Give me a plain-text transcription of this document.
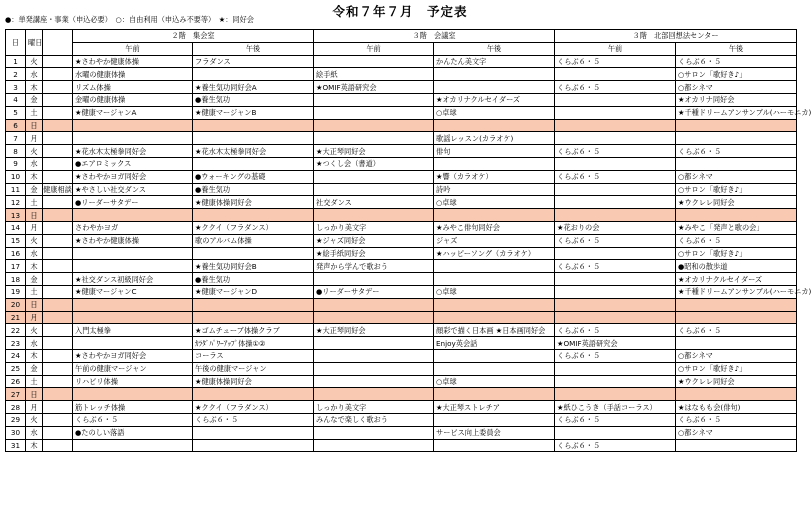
令和７年７月　予定表
●：単発講座・事業（申込必要）　○：自由利用（申込み不要等）　★：同好会
日	曜日		２階　集会室		３階　会議室		３階　北部回想法センター	
			午前	午後	午前	午後	午前	午後
1	火		★さわやか健康体操	フラダンス		かんたん美文字	くらぶ６・５	くらぶ６・５
2	水		水曜の健康体操		絵手紙			○サロン「歌好き♪」
3	木		リズム体操	★養生気功同好会A	★OMIF英語研究会		くらぶ６・５	○都シネマ
4	金		金曜の健康体操	●養生気功		★オカリナクルセイダーズ		★オカリナ同好会
5	土		★健康マージャンA	★健康マージャンB		○卓球		★千種ドリームアンサンブル(ハーモニカ)
6	日							
7	月					歌謡レッスン(カラオケ)		
8	火		★花水木太極拳同好会	★花水木太極拳同好会	★大正琴同好会	俳句	くらぶ６・５	くらぶ６・５
9	水		●エアロミックス		★つくし会（書道）			
10	木		★さわやかヨガ同好会	●ウォーキングの基礎		★響（カラオケ）	くらぶ６・５	○都シネマ
11	金	健康相談	★やさしい社交ダンス	●養生気功		詩吟		○サロン「歌好き♪」
12	土		●リーダーサタデー	★健康体操同好会	社交ダンス	○卓球		★ウクレレ同好会
13	日							
14	月		さわやかヨガ	★ククイ（フラダンス）	しっかり美文字	★みやこ俳句同好会	★花おりの会	★みやこ「発声と歌の会」
15	火		★さわやか健康体操	歌のアルバム体操	★ジャズ同好会	ジャズ	くらぶ６・５	くらぶ６・５
16	水				★絵手紙同好会	★ハッピーソング（カラオケ）		○サロン「歌好き♪」
17	木			★養生気功同好会B	発声から学んで歌おう		くらぶ６・５	●昭和の散歩道
18	金		★社交ダンス初級同好会	●養生気功				★オカリナクルセイダーズ
19	土		★健康マージャンC	★健康マージャンD	●リーダーサタデー	○卓球		★千種ドリームアンサンブル(ハーモニカ)
20	日							
21	月							
22	火		入門太極拳	★ゴムチューブ体操クラブ	★大正琴同好会	顔彩で描く日本画 ★日本画同好会	くらぶ６・５	くらぶ６・５
23	水			ｶﾗﾀﾞﾊﾟﾜｰｱｯﾌﾟ体操①②		Enjoy英会話	★OMIF英語研究会	
24	木		★さわやかヨガ同好会	コーラス			くらぶ６・５	○都シネマ
25	金		午前の健康マージャン	午後の健康マージャン				○サロン「歌好き♪」
26	土		リハビリ体操	★健康体操同好会		○卓球		★ウクレレ同好会
27	日							
28	月		筋トレッチ体操	★ククイ（フラダンス）	しっかり美文字	★大正琴ストレチア	★紙ひこうき（手話コーラス）	★はなもも会(俳句)
29	火		くらぶ６・５	くらぶ６・５	みんなで楽しく歌おう		くらぶ６・５	くらぶ６・５
30	水		●たのしい落語			サービス向上委員会		○都シネマ
31	木						くらぶ６・５	
